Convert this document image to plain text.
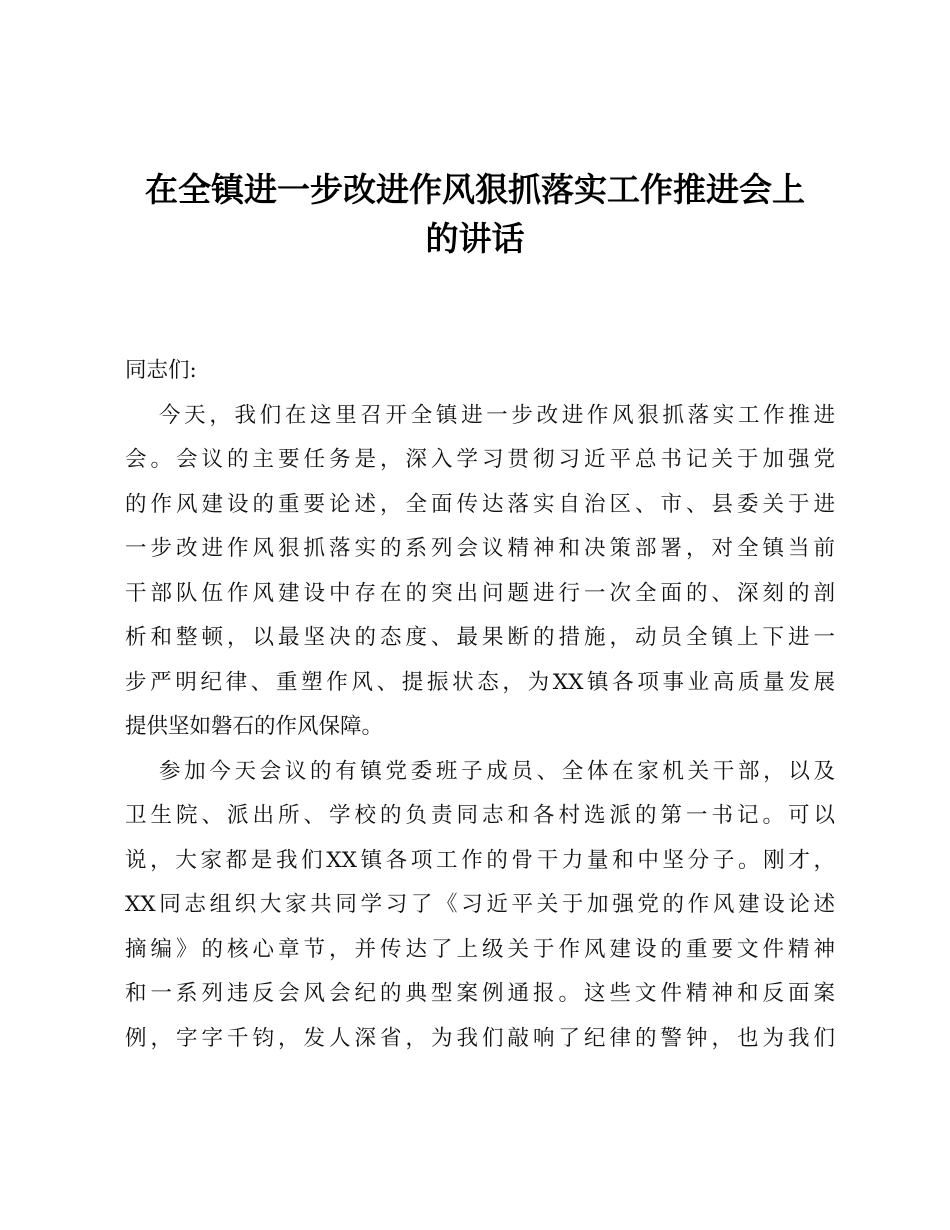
在全镇进一步改进作风狠抓落实工作推进会上
的讲话
同志们:
今天，我们在这里召开全镇进一步改进作风狠抓落实工作推进
会。会议的主要任务是，深入学习贯彻习近平总书记关于加强党
的作风建设的重要论述，全面传达落实自治区、市、县委关于进
一步改进作风狠抓落实的系列会议精神和决策部署，对全镇当前
干部队伍作风建设中存在的突出问题进行一次全面的、深刻的剖
析和整顿，以最坚决的态度、最果断的措施，动员全镇上下进一
步严明纪律、重塑作风、提振状态，为XX镇各项事业高质量发展
提供坚如磐石的作风保障。
参加今天会议的有镇党委班子成员、全体在家机关干部，以及
卫生院、派出所、学校的负责同志和各村选派的第一书记。可以
说，大家都是我们XX镇各项工作的骨干力量和中坚分子。刚才，
XX同志组织大家共同学习了《习近平关于加强党的作风建设论述
摘编》的核心章节，并传达了上级关于作风建设的重要文件精神
和一系列违反会风会纪的典型案例通报。这些文件精神和反面案
例，字字千钧，发人深省，为我们敲响了纪律的警钟，也为我们
